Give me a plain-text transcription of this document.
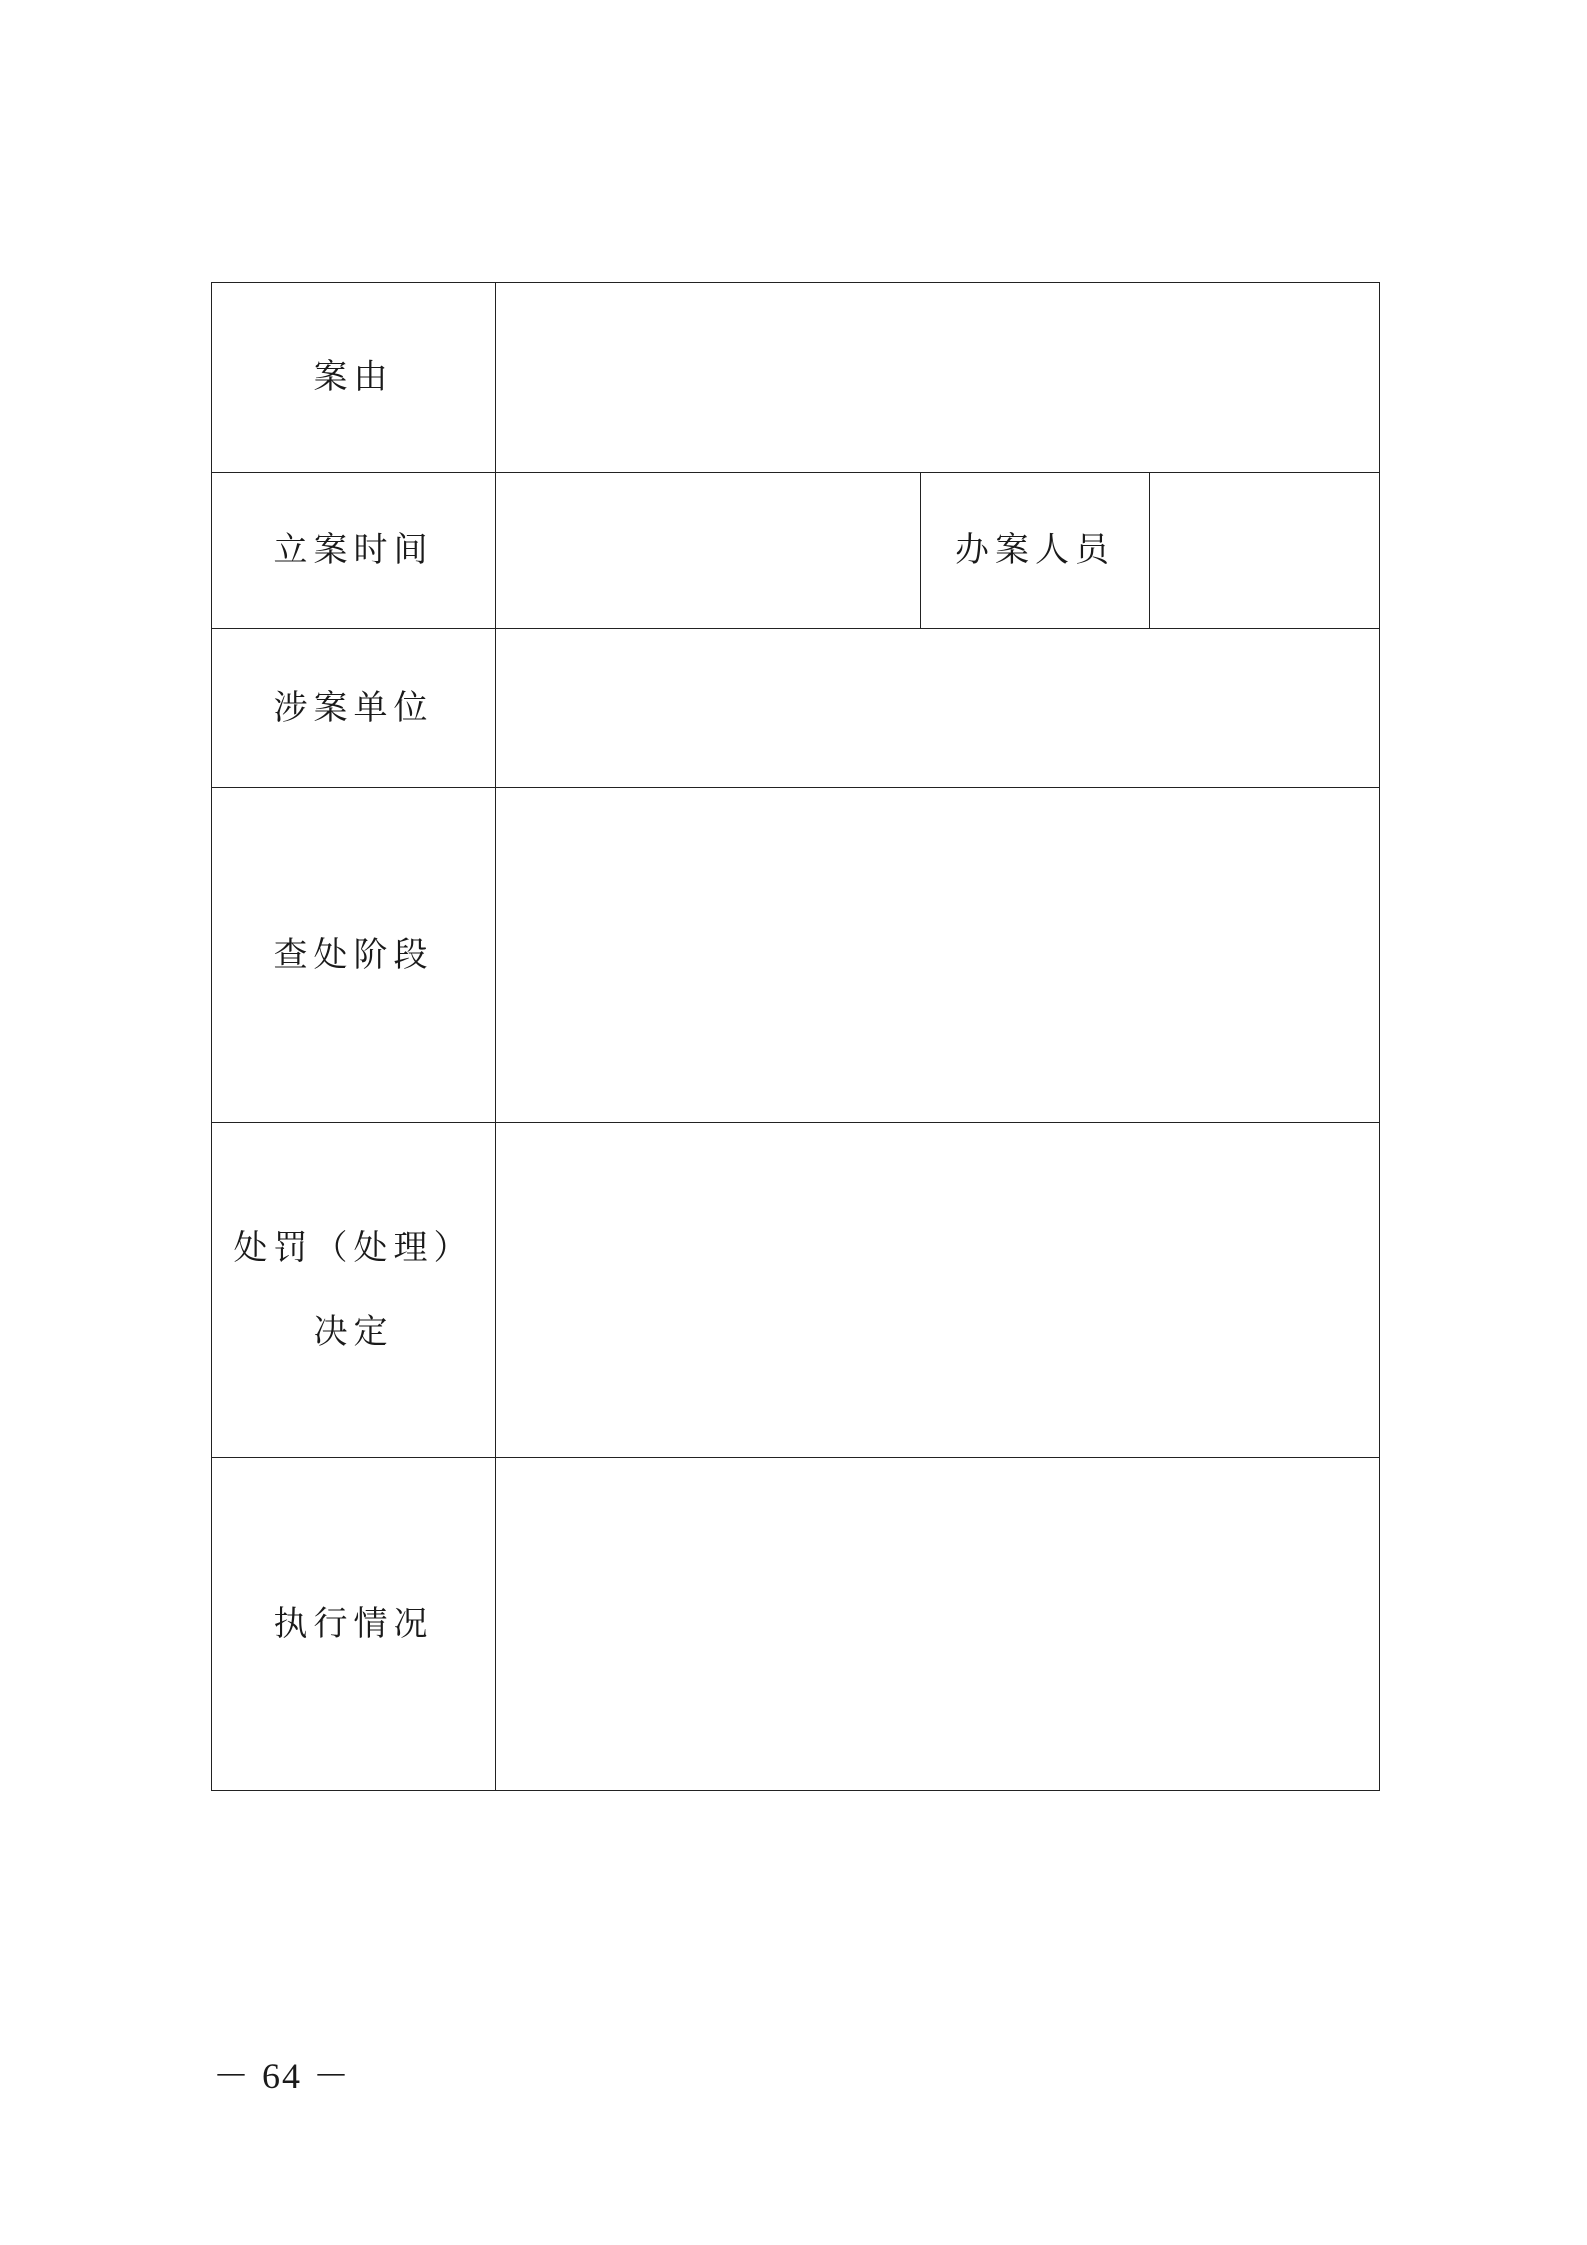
案由			
立案时间		办案人员	
涉案单位			
查处阶段			

处罚（处理）
决定			

执行情况			
－ 64 －
